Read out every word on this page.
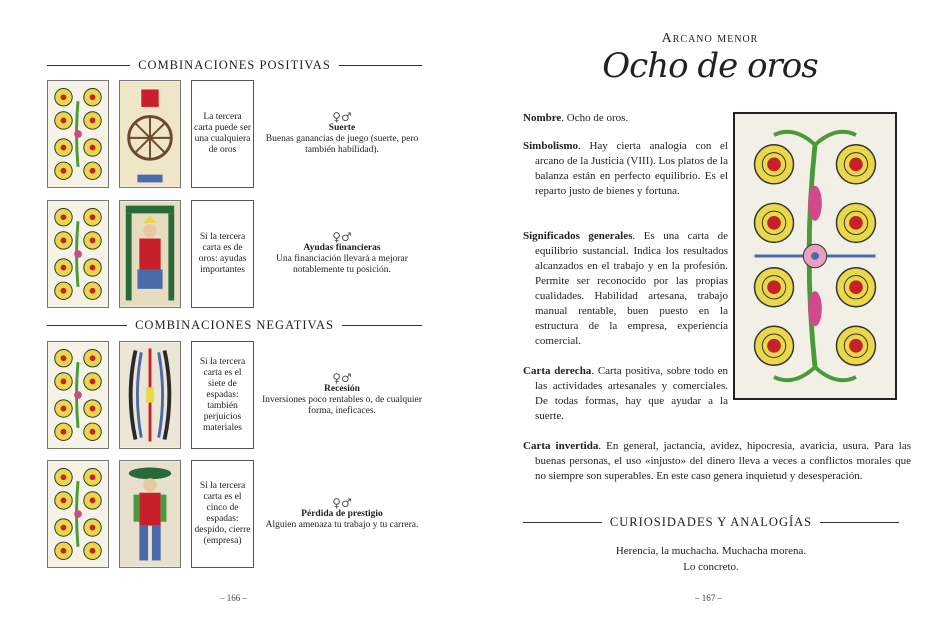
COMBINACIONES POSITIVAS
La tercera carta puede ser una cualquiera de oros
♀♂
Suerte
Buenas ganancias de juego (suerte, pero también habilidad).
Si la tercera carta es de oros: ayudas importantes
♀♂
Ayudas financieras
Una financiación llevará a mejorar notablemente tu posición.
COMBINACIONES NEGATIVAS
Si la tercera carta es el siete de espadas: también perjuicios materiales
♀♂
Recesión
Inversiones poco rentables o, de cualquier forma, ineficaces.
Si la tercera carta es el cinco de espadas: despido, cierre (empresa)
♀♂
Pérdida de prestigio
Alguien amenaza tu trabajo y tu carrera.
– 166 –
Arcano menor
Ocho de oros
Nombre. Ocho de oros.
Simbolismo. Hay cierta analogía con el arcano de la Justicia (VIII). Los platos de la balanza están en perfecto equilibrio. Es el reparto justo de bienes y fortuna.
Significados generales. Es una carta de equilibrio sustancial. Indica los resultados alcanzados en el trabajo y en la profesión. Permite ser reconocido por las propias cualidades. Habilidad artesana, trabajo manual rentable, buen puesto en la estructura de la empresa, experiencia comercial.
Carta derecha. Carta positiva, sobre todo en las actividades artesanales y comerciales. De todas formas, hay que ayudar a la suerte.
Carta invertida. En general, jactancia, avidez, hipocresía, avaricia, usura. Para las buenas personas, el uso «injusto» del dinero lleva a veces a conflictos morales que no siempre son superables. En este caso genera inquietud y desesperación.
CURIOSIDADES Y ANALOGÍAS
Herencia, la muchacha. Muchacha morena.
Lo concreto.
– 167 –
